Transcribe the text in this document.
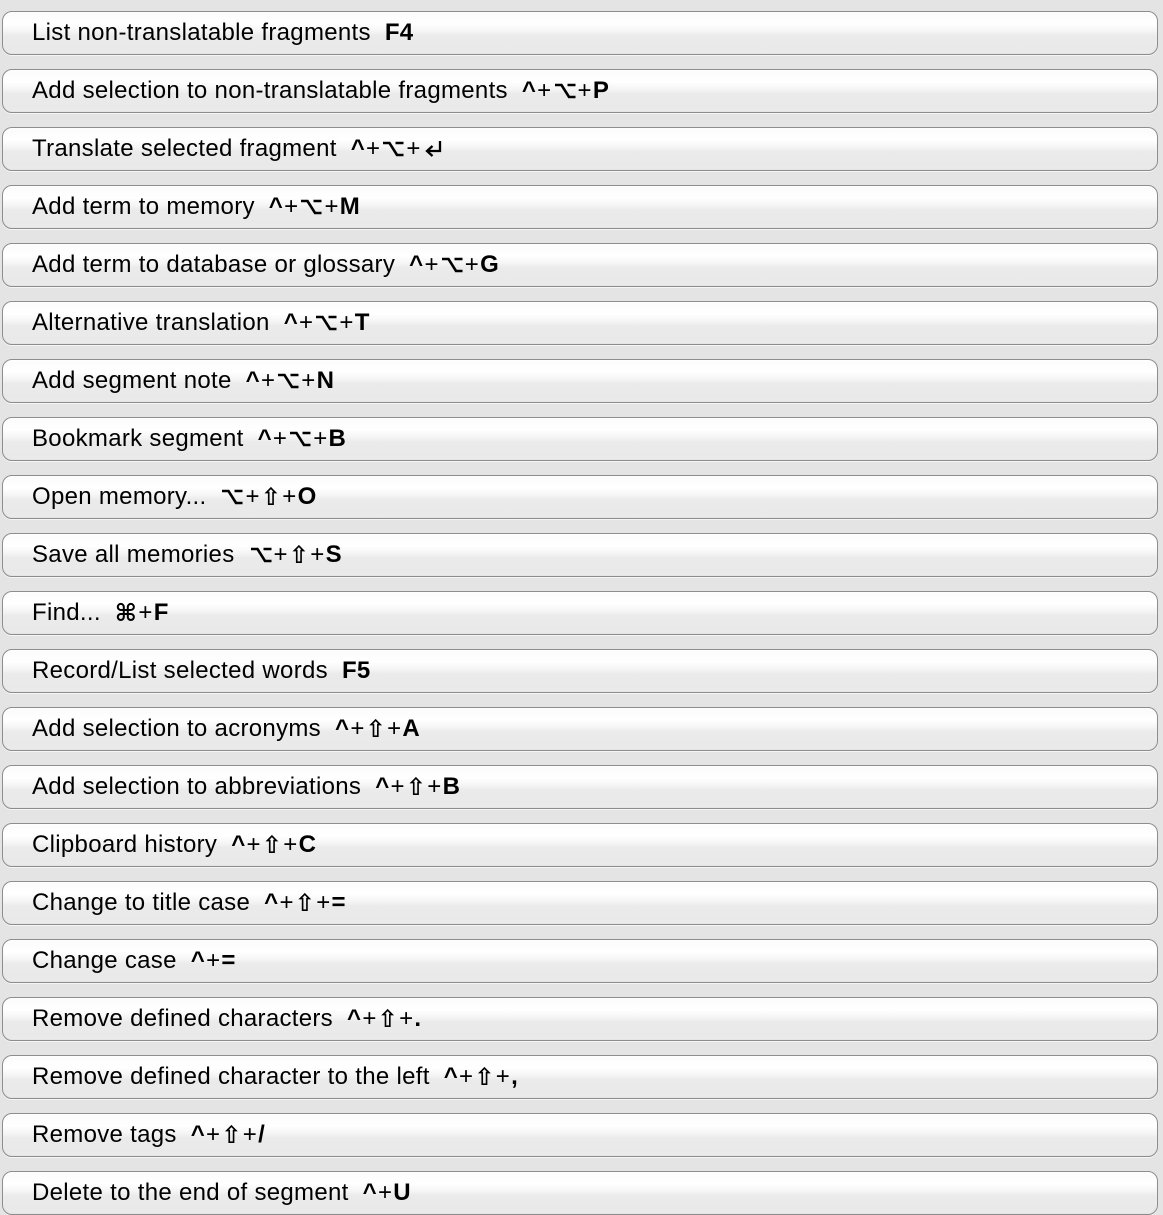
List non-translatable fragments F4
Add selection to non-translatable fragments ^ + + P
Translate selected fragment ^ + +
Add term to memory ^ + + M
Add term to database or glossary ^ + + G
Alternative translation ^ + + T
Add segment note ^ + + N
Bookmark segment ^ + + B
Open memory... + ⇧ + O
Save all memories + ⇧ + S
Find... ⌘ + F
Record/List selected words F5
Add selection to acronyms ^ + ⇧ + A
Add selection to abbreviations ^ + ⇧ + B
Clipboard history ^ + ⇧ + C
Change to title case ^ + ⇧ + =
Change case ^ + =
Remove defined characters ^ + ⇧ + .
Remove defined character to the left ^ + ⇧ + ,
Remove tags ^ + ⇧ + /
Delete to the end of segment ^ + U
